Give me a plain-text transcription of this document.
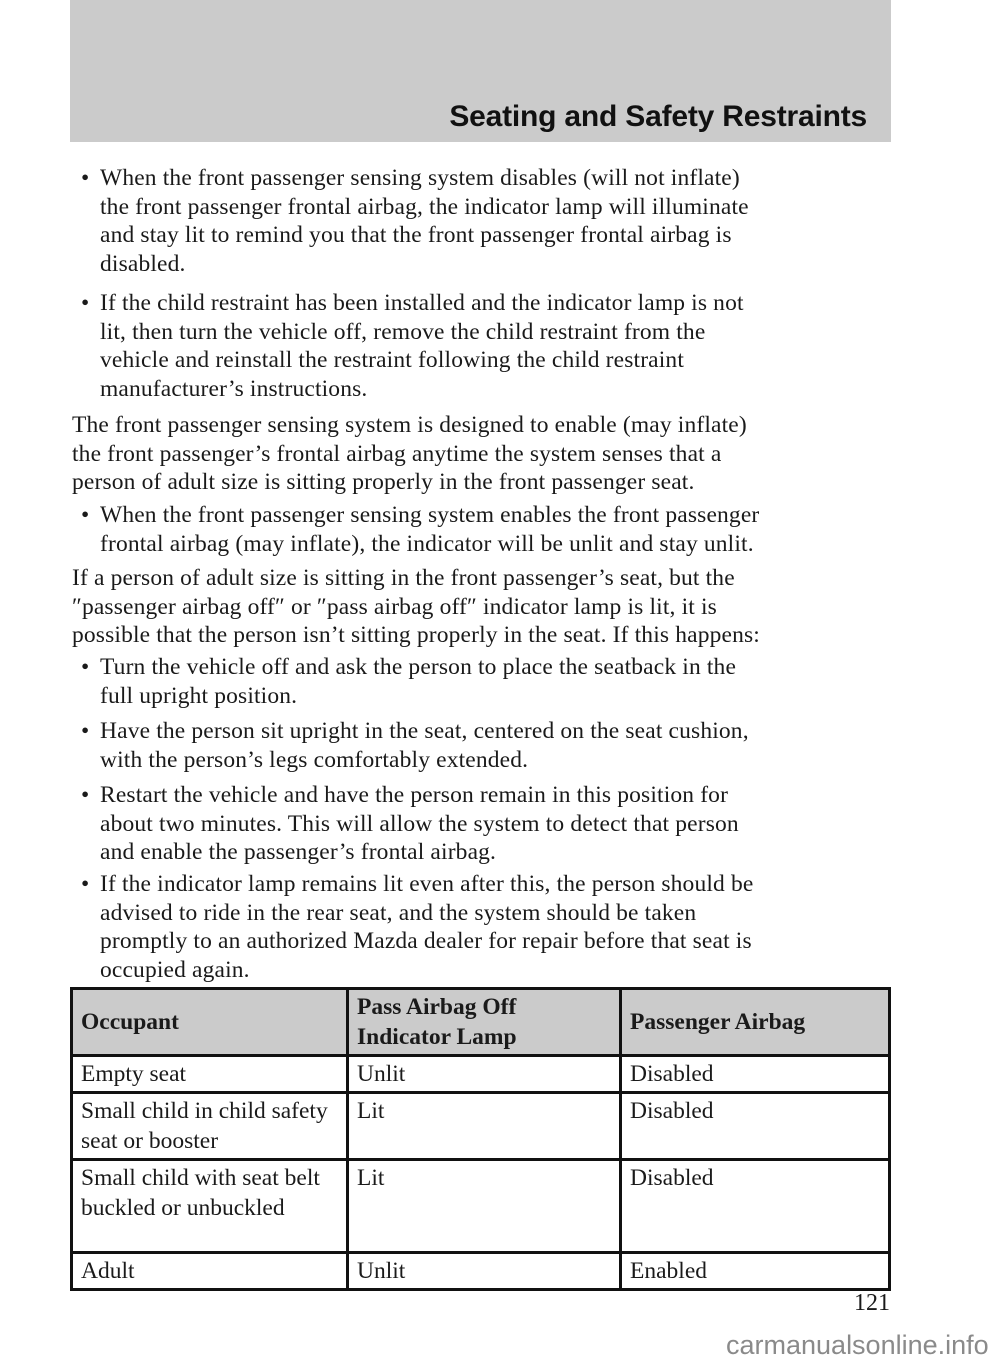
Seating and Safety Restraints
• When the front passenger sensing system disables (will not inflate)
the front passenger frontal airbag, the indicator lamp will illuminate
and stay lit to remind you that the front passenger frontal airbag is
disabled.
• If the child restraint has been installed and the indicator lamp is not
lit, then turn the vehicle off, remove the child restraint from the
vehicle and reinstall the restraint following the child restraint
manufacturer’s instructions.
The front passenger sensing system is designed to enable (may inflate)
the front passenger’s frontal airbag anytime the system senses that a
person of adult size is sitting properly in the front passenger seat.
• When the front passenger sensing system enables the front passenger
frontal airbag (may inflate), the indicator will be unlit and stay unlit.
If a person of adult size is sitting in the front passenger’s seat, but the
″passenger airbag off″ or ″pass airbag off″ indicator lamp is lit, it is
possible that the person isn’t sitting properly in the seat. If this happens:
• Turn the vehicle off and ask the person to place the seatback in the
full upright position.
• Have the person sit upright in the seat, centered on the seat cushion,
with the person’s legs comfortably extended.
• Restart the vehicle and have the person remain in this position for
about two minutes. This will allow the system to detect that person
and enable the passenger’s frontal airbag.
• If the indicator lamp remains lit even after this, the person should be
advised to ride in the rear seat, and the system should be taken
promptly to an authorized Mazda dealer for repair before that seat is
occupied again.
Occupant	Pass Airbag Off Indicator Lamp	Passenger Airbag
Empty seat	Unlit	Disabled
Small child in child safety seat or booster	Lit	Disabled
Small child with seat belt buckled or unbuckled	Lit	Disabled
Adult	Unlit	Enabled
121
carmanualsonline.info
